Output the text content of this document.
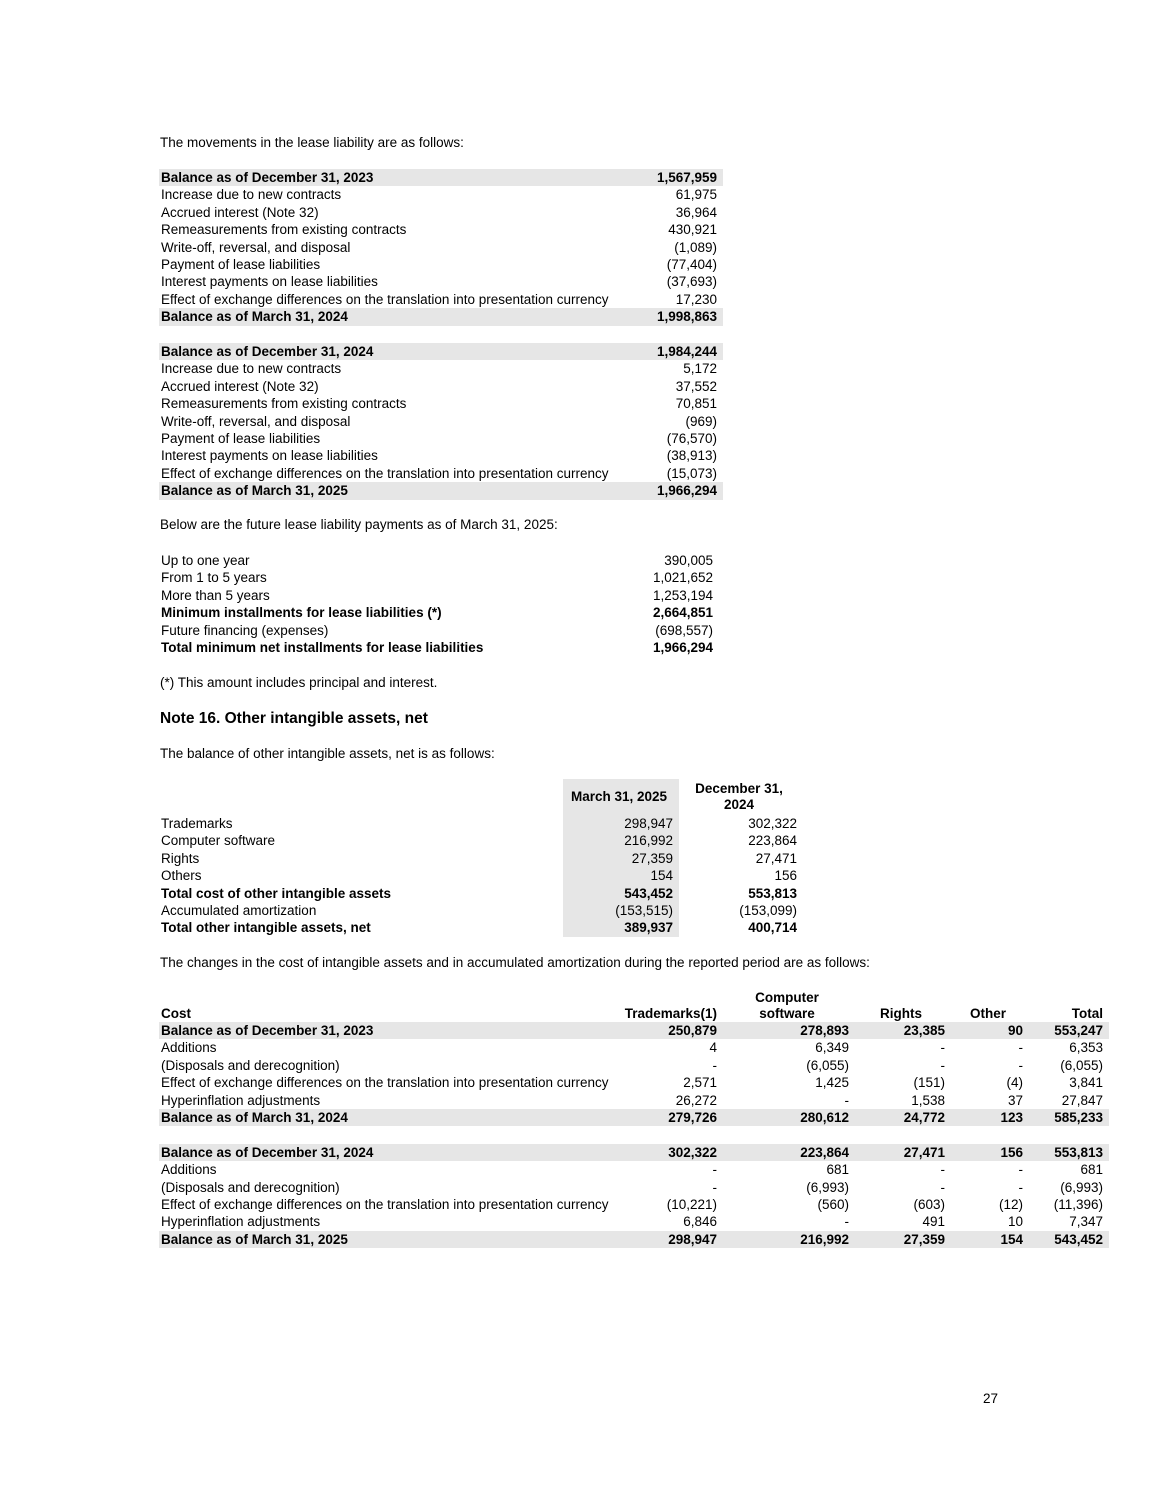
The movements in the lease liability are as follows:
Balance as of December 31, 2023	1,567,959
Increase due to new contracts	61,975
Accrued interest (Note 32)	36,964
Remeasurements from existing contracts	430,921
Write-off, reversal, and disposal	(1,089)
Payment of lease liabilities	(77,404)
Interest payments on lease liabilities	(37,693)
Effect of exchange differences on the translation into presentation currency	17,230
Balance as of March 31, 2024	1,998,863

Balance as of December 31, 2024	1,984,244
Increase due to new contracts	5,172
Accrued interest (Note 32)	37,552
Remeasurements from existing contracts	70,851
Write-off, reversal, and disposal	(969)
Payment of lease liabilities	(76,570)
Interest payments on lease liabilities	(38,913)
Effect of exchange differences on the translation into presentation currency	(15,073)
Balance as of March 31, 2025	1,966,294
Below are the future lease liability payments as of March 31, 2025:
Up to one year	390,005
From 1 to 5 years	1,021,652
More than 5 years	1,253,194
Minimum installments for lease liabilities (*)	2,664,851
Future financing (expenses)	(698,557)
Total minimum net installments for lease liabilities	1,966,294
(*) This amount includes principal and interest.
Note 16. Other intangible assets, net
The balance of other intangible assets, net is as follows:
	March 31, 2025	December 31,
2024

Trademarks	298,947	302,322
Computer software	216,992	223,864
Rights	27,359	27,471
Others	154	156
Total cost of other intangible assets	543,452	553,813
Accumulated amortization	(153,515)	(153,099)
Total other intangible assets, net	389,937	400,714
The changes in the cost of intangible assets and in accumulated amortization during the reported period are as follows:
Cost	Trademarks(1)	Computer
software	Rights	Other	Total
Balance as of December 31, 2023	250,879	278,893	23,385	90	553,247
Additions	4	6,349	-	-	6,353
(Disposals and derecognition)	-	(6,055)	-	-	(6,055)
Effect of exchange differences on the translation into presentation currency	2,571	1,425	(151)	(4)	3,841
Hyperinflation adjustments	26,272	-	1,538	37	27,847
Balance as of March 31, 2024	279,726	280,612	24,772	123	585,233

Balance as of December 31, 2024	302,322	223,864	27,471	156	553,813
Additions	-	681	-	-	681
(Disposals and derecognition)	-	(6,993)	-	-	(6,993)
Effect of exchange differences on the translation into presentation currency	(10,221)	(560)	(603)	(12)	(11,396)
Hyperinflation adjustments	6,846	-	491	10	7,347
Balance as of March 31, 2025	298,947	216,992	27,359	154	543,452
27
